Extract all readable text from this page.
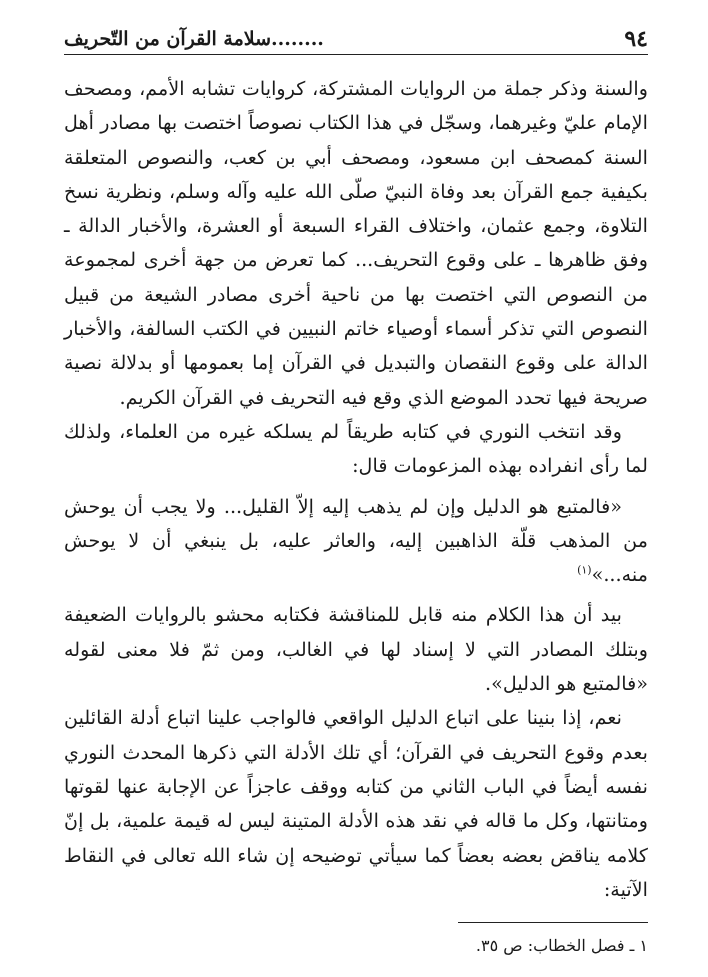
٩٤
........سلامة القرآن من التّحريف

والسنة وذكر جملة من الروايات المشتركة، كروايات تشابه الأمم، ومصحف الإمام عليّ وغيرهما، وسجّل في هذا الكتاب نصوصاً اختصت بها مصادر أهل السنة كمصحف ابن مسعود، ومصحف أبي بن كعب، والنصوص المتعلقة بكيفية جمع القرآن بعد وفاة النبيّ صلّى الله عليه وآله وسلم، ونظرية نسخ التلاوة، وجمع عثمان، واختلاف القراء السبعة أو العشرة، والأخبار الدالة ـ وفق ظاهرها ـ على وقوع التحريف... كما تعرض من جهة أخرى لمجموعة من النصوص التي اختصت بها من ناحية أخرى مصادر الشيعة من قبيل النصوص التي تذكر أسماء أوصياء خاتم النبيين في الكتب السالفة، والأخبار الدالة على وقوع النقصان والتبديل في القرآن إما بعمومها أو بدلالة نصية صريحة فيها تحدد الموضع الذي وقع فيه التحريف في القرآن الكريم.

وقد انتخب النوري في كتابه طريقاً لم يسلكه غيره من العلماء، ولذلك لما رأى انفراده بهذه المزعومات قال:

«فالمتبع هو الدليل وإن لم يذهب إليه إلاّ القليل... ولا يجب أن يوحش من المذهب قلّة الذاهبين إليه، والعاثر عليه، بل ينبغي أن لا يوحش منه...»$^{(١)}$

بيد أن هذا الكلام منه قابل للمناقشة فكتابه محشو بالروايات الضعيفة وبتلك المصادر التي لا إسناد لها في الغالب، ومن ثمّ فلا معنى لقوله «فالمتبع هو الدليل».

نعم، إذا بنينا على اتباع الدليل الواقعي فالواجب علينا اتباع أدلة القائلين بعدم وقوع التحريف في القرآن؛ أي تلك الأدلة التي ذكرها المحدث النوري نفسه أيضاً في الباب الثاني من كتابه ووقف عاجزاً عن الإجابة عنها لقوتها ومتانتها، وكل ما قاله في نقد هذه الأدلة المتينة ليس له قيمة علمية، بل إنّ كلامه يناقض بعضه بعضاً كما سيأتي توضيحه إن شاء الله تعالى في النقاط الآتية:

١ ـ فصل الخطاب: ص ٣٥.
